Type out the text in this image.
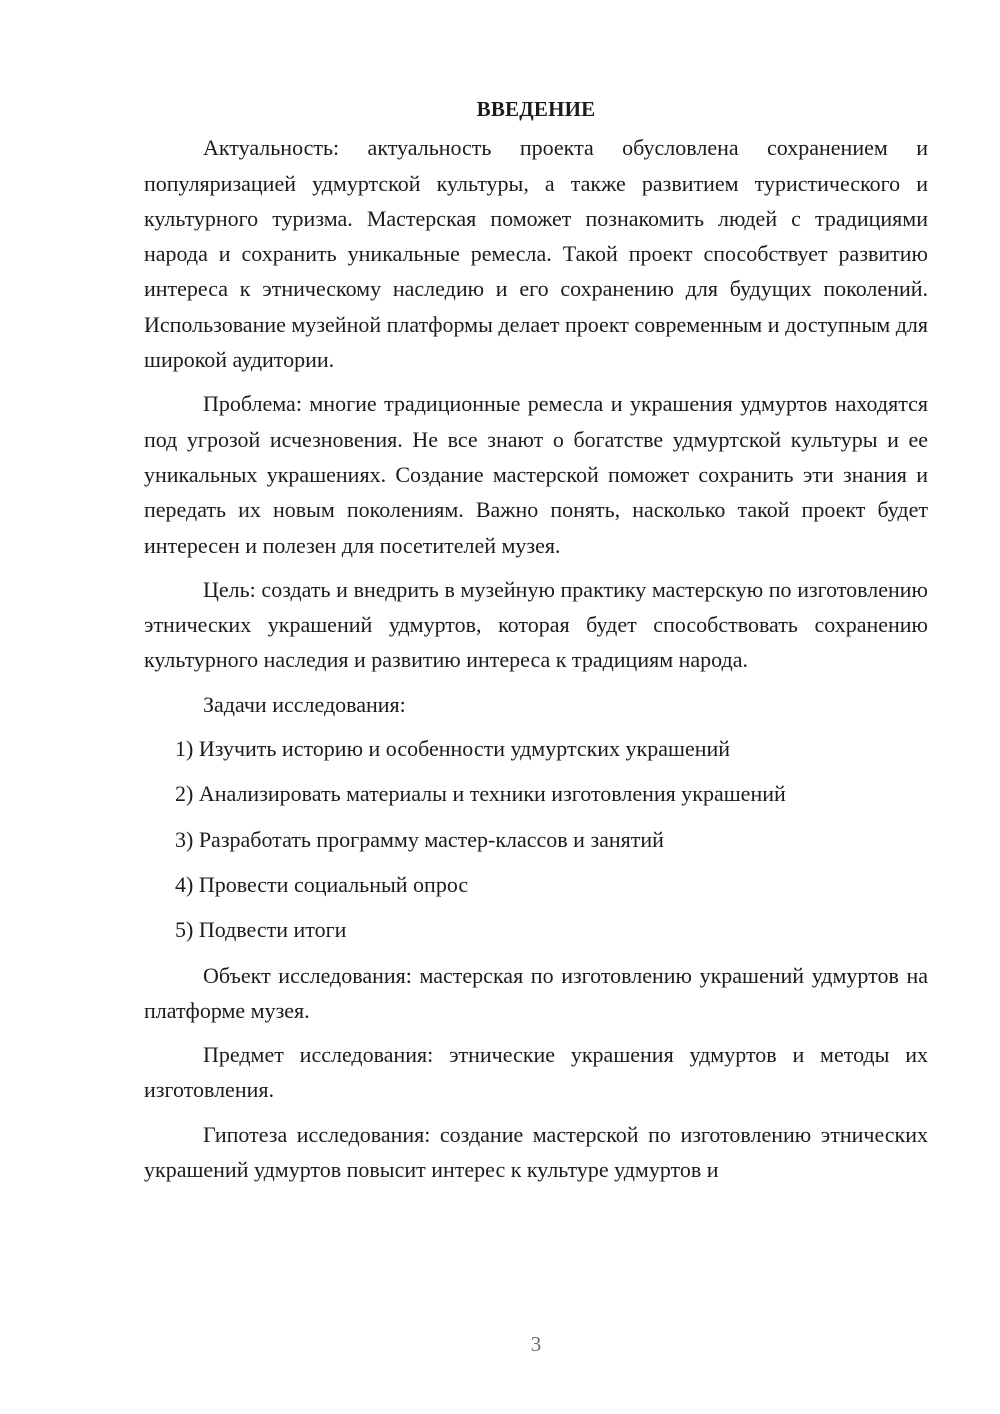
ВВЕДЕНИЕ

Актуальность: актуальность проекта обусловлена сохранением и популяризацией удмуртской культуры, а также развитием туристического и культурного туризма. Мастерская поможет познакомить людей с традициями народа и сохранить уникальные ремесла. Такой проект способствует развитию интереса к этническому наследию и его сохранению для будущих поколений. Использование музейной платформы делает проект современным и доступным для широкой аудитории.

Проблема: многие традиционные ремесла и украшения удмуртов находятся под угрозой исчезновения. Не все знают о богатстве удмуртской культуры и ее уникальных украшениях. Создание мастерской поможет сохранить эти знания и передать их новым поколениям. Важно понять, насколько такой проект будет интересен и полезен для посетителей музея.

Цель: создать и внедрить в музейную практику мастерскую по изготовлению этнических украшений удмуртов, которая будет способствовать сохранению культурного наследия и развитию интереса к традициям народа.

Задачи исследования:

1) Изучить историю и особенности удмуртских украшений
2) Анализировать материалы и техники изготовления украшений
3) Разработать программу мастер-классов и занятий
4) Провести социальный опрос
5) Подвести итоги

Объект исследования: мастерская по изготовлению украшений удмуртов на платформе музея.

Предмет исследования: этнические украшения удмуртов и методы их изготовления.

Гипотеза исследования: создание мастерской по изготовлению этнических украшений удмуртов повысит интерес к культуре удмуртов и

3
